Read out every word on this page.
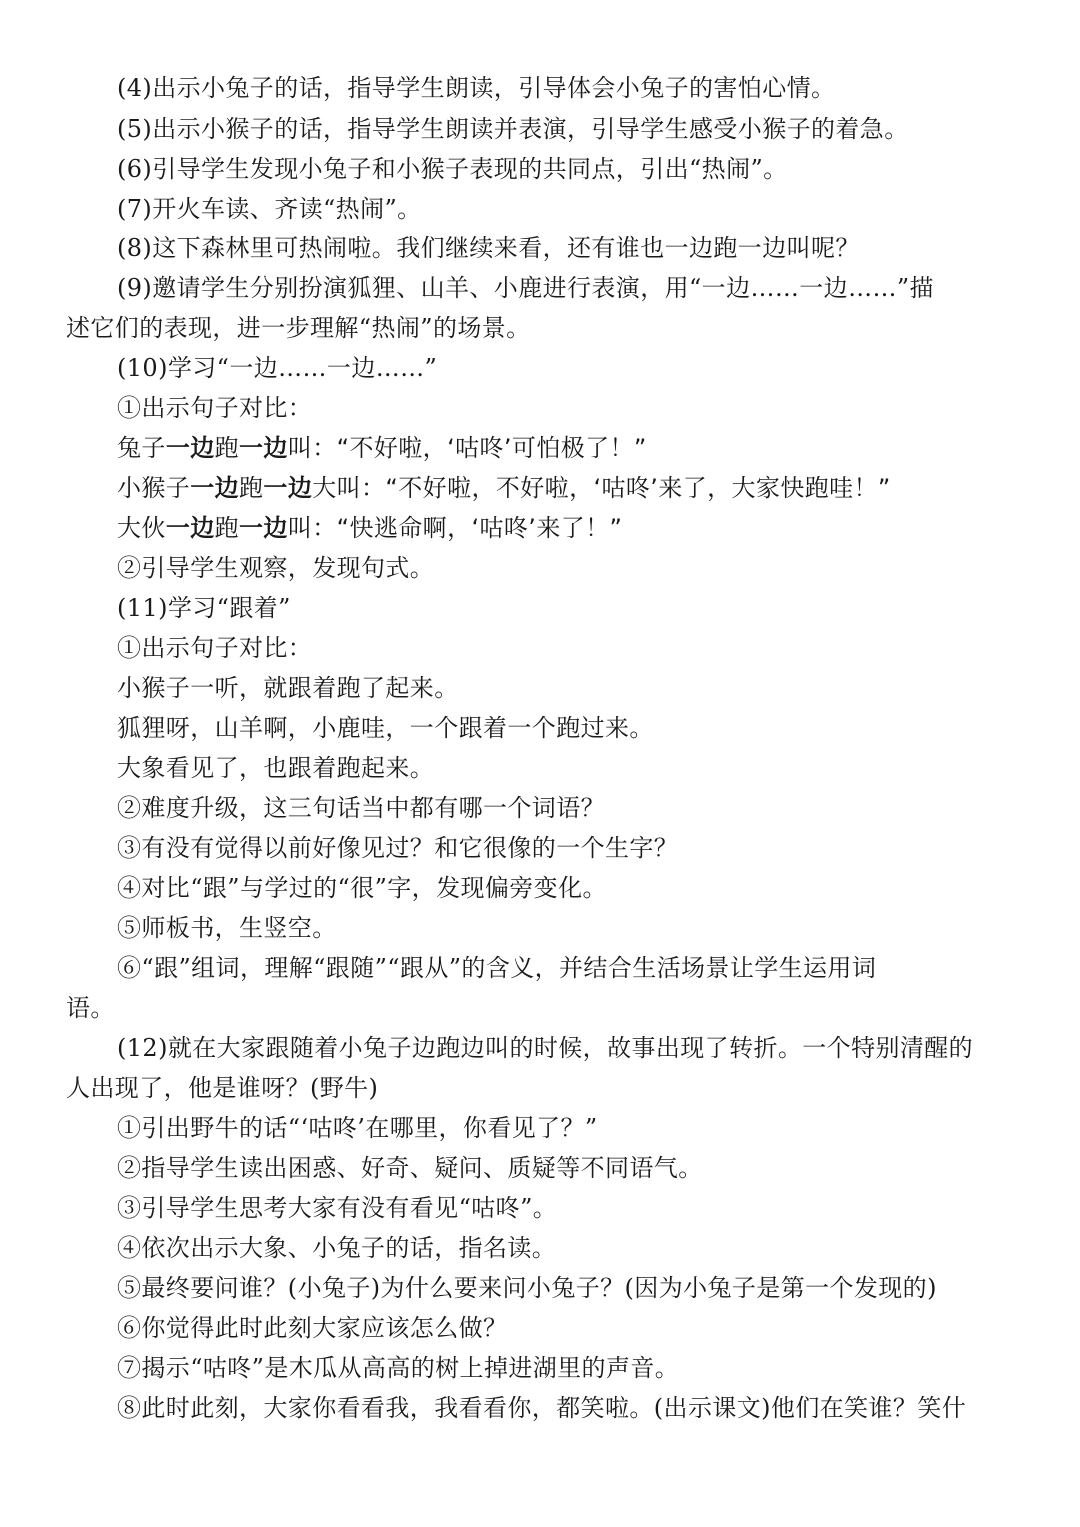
(4)出示小兔子的话，指导学生朗读，引导体会小兔子的害怕心情。
(5)出示小猴子的话，指导学生朗读并表演，引导学生感受小猴子的着急。
(6)引导学生发现小兔子和小猴子表现的共同点，引出“热闹”。
(7)开火车读、齐读“热闹”。
(8)这下森林里可热闹啦。我们继续来看，还有谁也一边跑一边叫呢？
(9)邀请学生分别扮演狐狸、山羊、小鹿进行表演，用“一边……一边……”描
述它们的表现，进一步理解“热闹”的场景。
(10)学习“一边……一边……”
①出示句子对比：
兔子一边跑一边叫：“不好啦，‘咕咚’可怕极了！”
小猴子一边跑一边大叫：“不好啦，不好啦，‘咕咚’来了，大家快跑哇！”
大伙一边跑一边叫：“快逃命啊，‘咕咚’来了！”
②引导学生观察，发现句式。
(11)学习“跟着”
①出示句子对比：
小猴子一听，就跟着跑了起来。
狐狸呀，山羊啊，小鹿哇，一个跟着一个跑过来。
大象看见了，也跟着跑起来。
②难度升级，这三句话当中都有哪一个词语？
③有没有觉得以前好像见过？和它很像的一个生字？
④对比“跟”与学过的“很”字，发现偏旁变化。
⑤师板书，生竖空。
⑥“跟”组词，理解“跟随”“跟从”的含义，并结合生活场景让学生运用词
语。
(12)就在大家跟随着小兔子边跑边叫的时候，故事出现了转折。一个特别清醒的
人出现了，他是谁呀？(野牛)
①引出野牛的话“‘咕咚’在哪里，你看见了？”
②指导学生读出困惑、好奇、疑问、质疑等不同语气。
③引导学生思考大家有没有看见“咕咚”。
④依次出示大象、小兔子的话，指名读。
⑤最终要问谁？(小兔子)为什么要来问小兔子？(因为小兔子是第一个发现的)
⑥你觉得此时此刻大家应该怎么做？
⑦揭示“咕咚”是木瓜从高高的树上掉进湖里的声音。
⑧此时此刻，大家你看看我，我看看你，都笑啦。(出示课文)他们在笑谁？笑什
